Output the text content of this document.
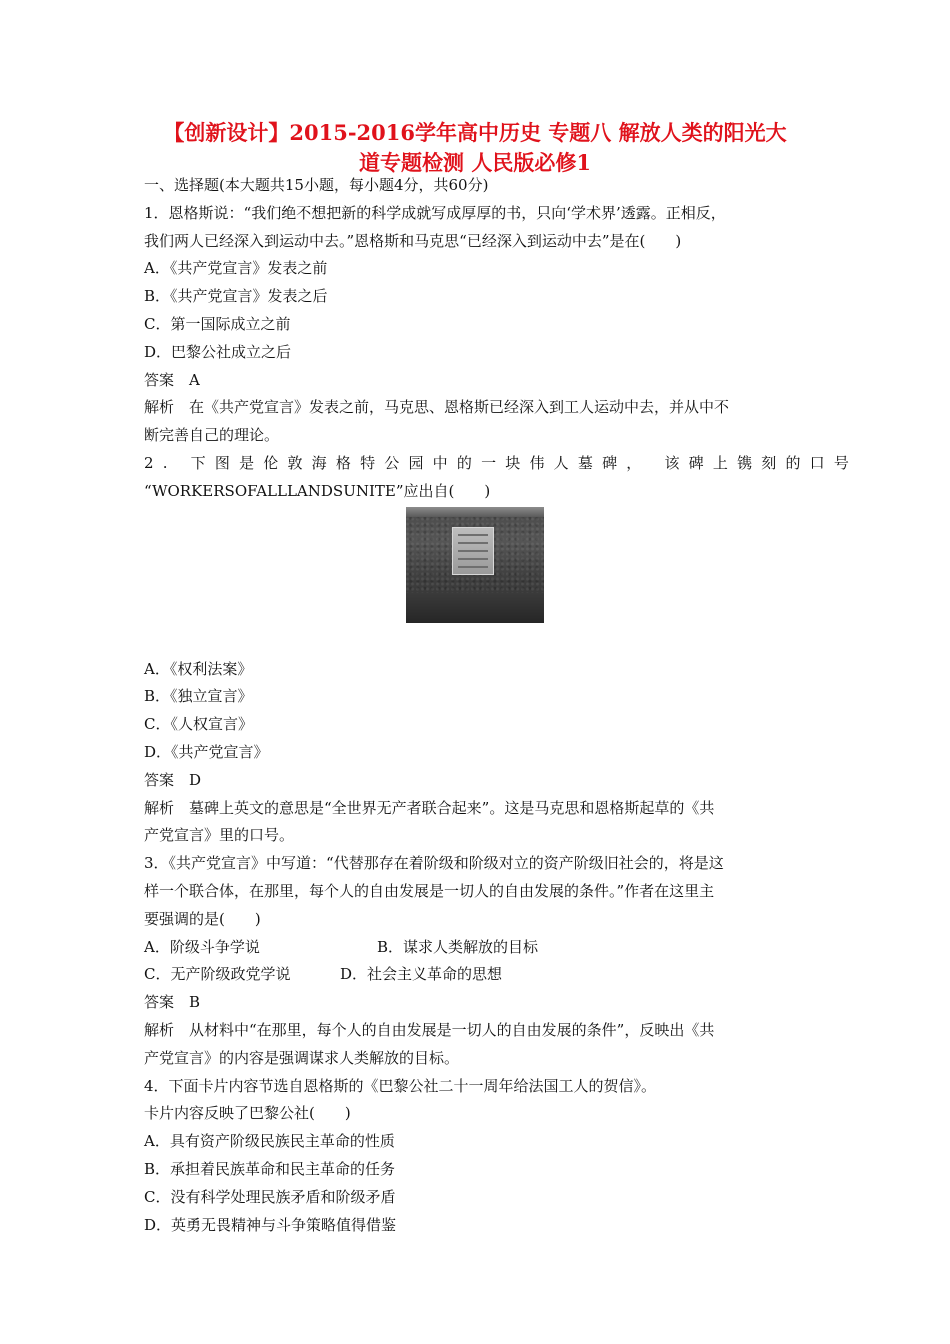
【创新设计】2015-2016学年高中历史 专题八 解放人类的阳光大
道专题检测 人民版必修1
一、选择题(本大题共15小题，每小题4分，共60分)
1．恩格斯说：“我们绝不想把新的科学成就写成厚厚的书，只向‘学术界’透露。正相反，
我们两人已经深入到运动中去。”恩格斯和马克思“已经深入到运动中去”是在(　　)
A．《共产党宣言》发表之前
B．《共产党宣言》发表之后
C．第一国际成立之前
D．巴黎公社成立之后
答案　A
解析　在《共产党宣言》发表之前，马克思、恩格斯已经深入到工人运动中去，并从中不
断完善自己的理论。
2. 下图是伦敦海格特公园中的一块伟人墓碑， 该碑上镌刻的口号
“WORKERSOFALLLANDSUNITE”应出自(　　)
A．《权利法案》
B．《独立宣言》
C．《人权宣言》
D．《共产党宣言》
答案　D
解析　墓碑上英文的意思是“全世界无产者联合起来”。这是马克思和恩格斯起草的《共
产党宣言》里的口号。
3．《共产党宣言》中写道：“代替那存在着阶级和阶级对立的资产阶级旧社会的，将是这
样一个联合体，在那里，每个人的自由发展是一切人的自由发展的条件。”作者在这里主
要强调的是(　　)
A．阶级斗争学说	B．谋求人类解放的目标
C．无产阶级政党学说	D．社会主义革命的思想
答案　B
解析　从材料中“在那里，每个人的自由发展是一切人的自由发展的条件”，反映出《共
产党宣言》的内容是强调谋求人类解放的目标。
4．下面卡片内容节选自恩格斯的《巴黎公社二十一周年给法国工人的贺信》。
卡片内容反映了巴黎公社(　　)
A．具有资产阶级民族民主革命的性质
B．承担着民族革命和民主革命的任务
C．没有科学处理民族矛盾和阶级矛盾
D．英勇无畏精神与斗争策略值得借鉴
